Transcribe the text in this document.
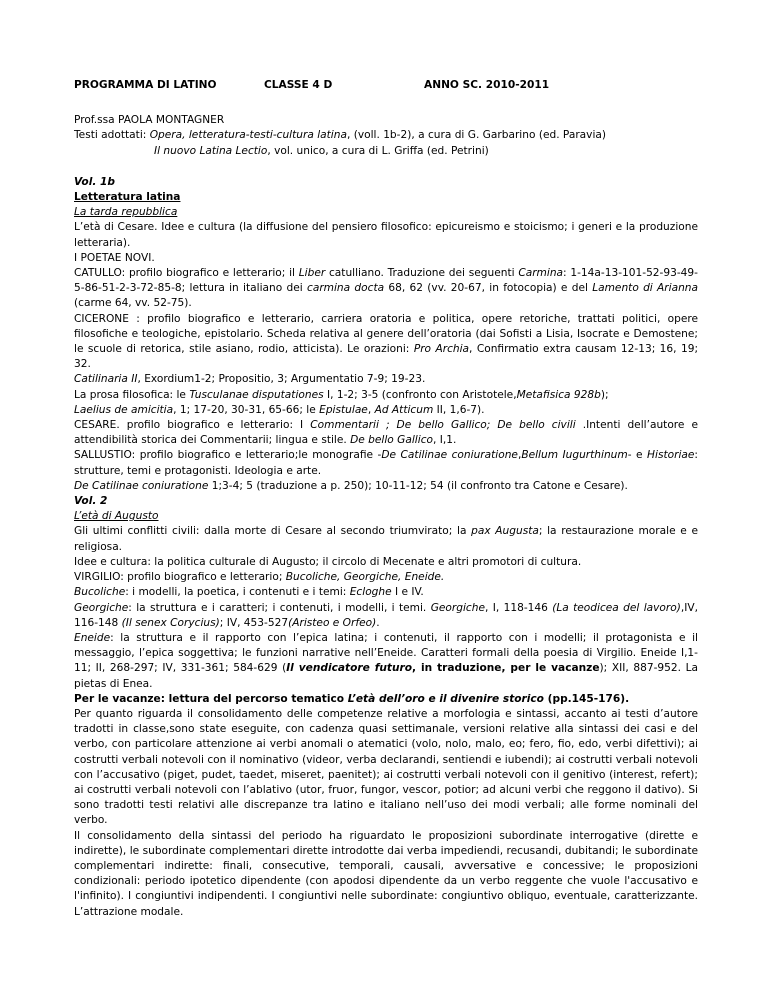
PROGRAMMA DI LATINO	CLASSE 4 D	ANNO SC. 2010-2011

Prof.ssa PAOLA MONTAGNER

Testi adottati: Opera, letteratura-testi-cultura latina, (voll. 1b-2), a cura di G. Garbarino (ed. Paravia)

Il nuovo Latina Lectio, vol. unico, a cura di L. Griffa (ed. Petrini)

Vol. 1b

Letteratura latina

La tarda repubblica

L’età di Cesare. Idee e cultura (la diffusione del pensiero filosofico: epicureismo e stoicismo; i generi e la produzione letteraria).

I POETAE NOVI.

CATULLO: profilo biografico e letterario; il Liber catulliano. Traduzione dei seguenti Carmina: 1-14a-13-101-52-93-49-5-86-51-2-3-72-85-8; lettura in italiano dei carmina docta 68, 62 (vv. 20-67, in fotocopia) e del Lamento di Arianna (carme 64, vv. 52-75).

CICERONE : profilo biografico e letterario, carriera oratoria e politica, opere retoriche, trattati politici, opere filosofiche e teologiche, epistolario. Scheda relativa al genere dell’oratoria (dai Sofisti a Lisia, Isocrate e Demostene; le scuole di retorica, stile asiano, rodio, atticista). Le orazioni: Pro Archia, Confirmatio extra causam 12-13; 16, 19; 32.

Catilinaria II, Exordium1-2; Propositio, 3; Argumentatio 7-9; 19-23.

La prosa filosofica: le Tusculanae disputationes I, 1-2; 3-5 (confronto con Aristotele,Metafisica 928b);

Laelius de amicitia, 1; 17-20, 30-31, 65-66; le Epistulae, Ad Atticum II, 1,6-7).

CESARE. profilo biografico e letterario: I Commentarii ; De bello Gallico; De bello civili .Intenti dell’autore e attendibilità storica dei Commentarii; lingua e stile. De bello Gallico, I,1.

SALLUSTIO: profilo biografico e letterario;le monografie -De Catilinae coniuratione,Bellum Iugurthinum- e Historiae: strutture, temi e protagonisti. Ideologia e arte.

De Catilinae coniuratione 1;3-4; 5 (traduzione a p. 250); 10-11-12; 54 (il confronto tra Catone e Cesare).

Vol. 2

L’età di Augusto

Gli ultimi conflitti civili: dalla morte di Cesare al secondo triumvirato; la pax Augusta; la restaurazione morale e e religiosa.

Idee e cultura: la politica culturale di Augusto; il circolo di Mecenate e altri promotori di cultura.

VIRGILIO: profilo biografico e letterario; Bucoliche, Georgiche, Eneide.

Bucoliche: i modelli, la poetica, i contenuti e i temi: Ecloghe I e IV.

Georgiche: la struttura e i caratteri; i contenuti, i modelli, i temi. Georgiche, I, 118-146 (La teodicea del lavoro),IV, 116-148 (Il senex Corycius); IV, 453-527(Aristeo e Orfeo).

Eneide: la struttura e il rapporto con l’epica latina; i contenuti, il rapporto con i modelli; il protagonista e il messaggio, l’epica soggettiva; le funzioni narrative nell’Eneide. Caratteri formali della poesia di Virgilio. Eneide I,1-11; II, 268-297; IV, 331-361; 584-629 (Il vendicatore futuro, in traduzione, per le vacanze); XII, 887-952. La pietas di Enea.

Per le vacanze: lettura del percorso tematico L’età dell’oro e il divenire storico (pp.145-176).

Per quanto riguarda il consolidamento delle competenze relative a morfologia e sintassi, accanto ai testi d’autore tradotti in classe,sono state eseguite, con cadenza quasi settimanale, versioni relative alla sintassi dei casi e del verbo, con particolare attenzione ai verbi anomali o atematici (volo, nolo, malo, eo; fero, fio, edo, verbi difettivi); ai costrutti verbali notevoli con il nominativo (videor, verba declarandi, sentiendi e iubendi); ai costrutti verbali notevoli con l’accusativo (piget, pudet, taedet, miseret, paenitet); ai costrutti verbali notevoli con il genitivo (interest, refert); ai costrutti verbali notevoli con l’ablativo (utor, fruor, fungor, vescor, potior; ad alcuni verbi che reggono il dativo). Si sono tradotti testi relativi alle discrepanze tra latino e italiano nell’uso dei modi verbali; alle forme nominali del verbo.

Il consolidamento della sintassi del periodo ha riguardato le proposizioni subordinate interrogative (dirette e indirette), le subordinate complementari dirette introdotte dai verba impediendi, recusandi, dubitandi; le subordinate complementari indirette: finali, consecutive, temporali, causali, avversative e concessive; le proposizioni condizionali: periodo ipotetico dipendente (con apodosi dipendente da un verbo reggente che vuole l'accusativo e l'infinito). I congiuntivi indipendenti. I congiuntivi nelle subordinate: congiuntivo obliquo, eventuale, caratterizzante. L’attrazione modale.
